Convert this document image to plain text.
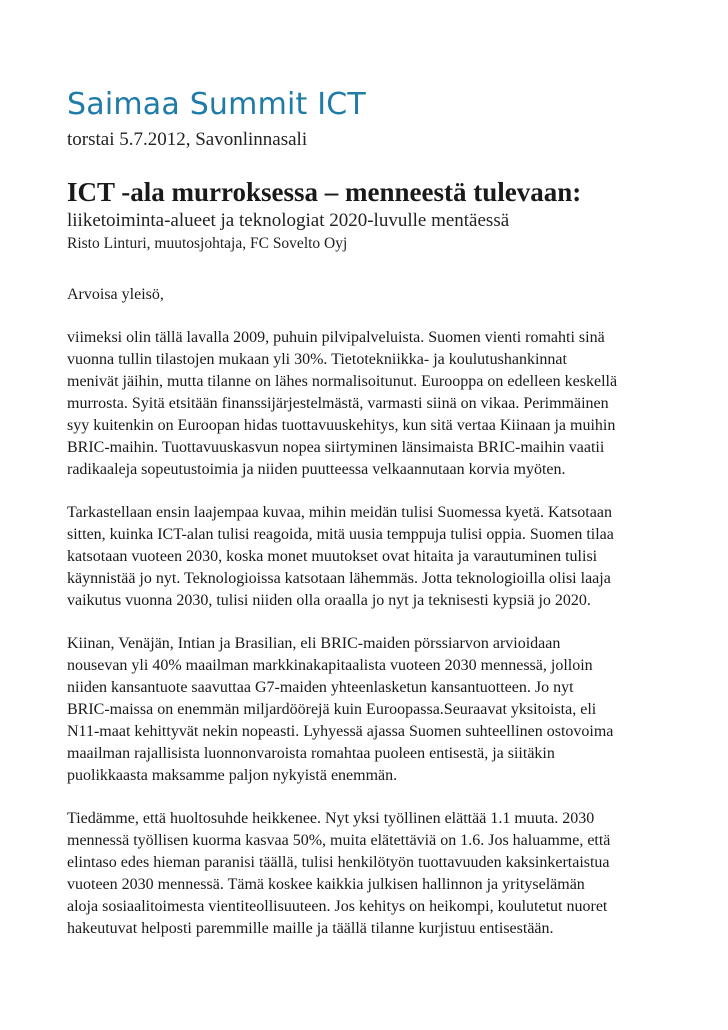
Saimaa Summit ICT
torstai 5.7.2012, Savonlinnasali
ICT -ala murroksessa – menneestä tulevaan:
liiketoiminta-alueet ja teknologiat 2020-luvulle mentäessä
Risto Linturi, muutosjohtaja, FC Sovelto Oyj

Arvoisa yleisö,

viimeksi olin tällä lavalla 2009, puhuin pilvipalveluista. Suomen vienti romahti sinä
vuonna tullin tilastojen mukaan yli 30%. Tietotekniikka- ja koulutushankinnat
menivät jäihin, mutta tilanne on lähes normalisoitunut. Eurooppa on edelleen keskellä
murrosta. Syitä etsitään finanssijärjestelmästä, varmasti siinä on vikaa. Perimmäinen
syy kuitenkin on Euroopan hidas tuottavuuskehitys, kun sitä vertaa Kiinaan ja muihin
BRIC-maihin. Tuottavuuskasvun nopea siirtyminen länsimaista BRIC-maihin vaatii
radikaaleja sopeutustoimia ja niiden puutteessa velkaannutaan korvia myöten.

Tarkastellaan ensin laajempaa kuvaa, mihin meidän tulisi Suomessa kyetä. Katsotaan
sitten, kuinka ICT-alan tulisi reagoida, mitä uusia temppuja tulisi oppia. Suomen tilaa
katsotaan vuoteen 2030, koska monet muutokset ovat hitaita ja varautuminen tulisi
käynnistää jo nyt. Teknologioissa katsotaan lähemmäs. Jotta teknologioilla olisi laaja
vaikutus vuonna 2030, tulisi niiden olla oraalla jo nyt ja teknisesti kypsiä jo 2020.

Kiinan, Venäjän, Intian ja Brasilian, eli BRIC-maiden pörssiarvon arvioidaan
nousevan yli 40% maailman markkinakapitaalista vuoteen 2030 mennessä, jolloin
niiden kansantuote saavuttaa G7-maiden yhteenlasketun kansantuotteen. Jo nyt
BRIC-maissa on enemmän miljardöörejä kuin Euroopassa.Seuraavat yksitoista, eli
N11-maat kehittyvät nekin nopeasti. Lyhyessä ajassa Suomen suhteellinen ostovoima
maailman rajallisista luonnonvaroista romahtaa puoleen entisestä, ja siitäkin
puolikkaasta maksamme paljon nykyistä enemmän.

Tiedämme, että huoltosuhde heikkenee. Nyt yksi työllinen elättää 1.1 muuta. 2030
mennessä työllisen kuorma kasvaa 50%, muita elätettäviä on 1.6. Jos haluamme, että
elintaso edes hieman paranisi täällä, tulisi henkilötyön tuottavuuden kaksinkertaistua
vuoteen 2030 mennessä. Tämä koskee kaikkia julkisen hallinnon ja yrityselämän
aloja sosiaalitoimesta vientiteollisuuteen. Jos kehitys on heikompi, koulutetut nuoret
hakeutuvat helposti paremmille maille ja täällä tilanne kurjistuu entisestään.
